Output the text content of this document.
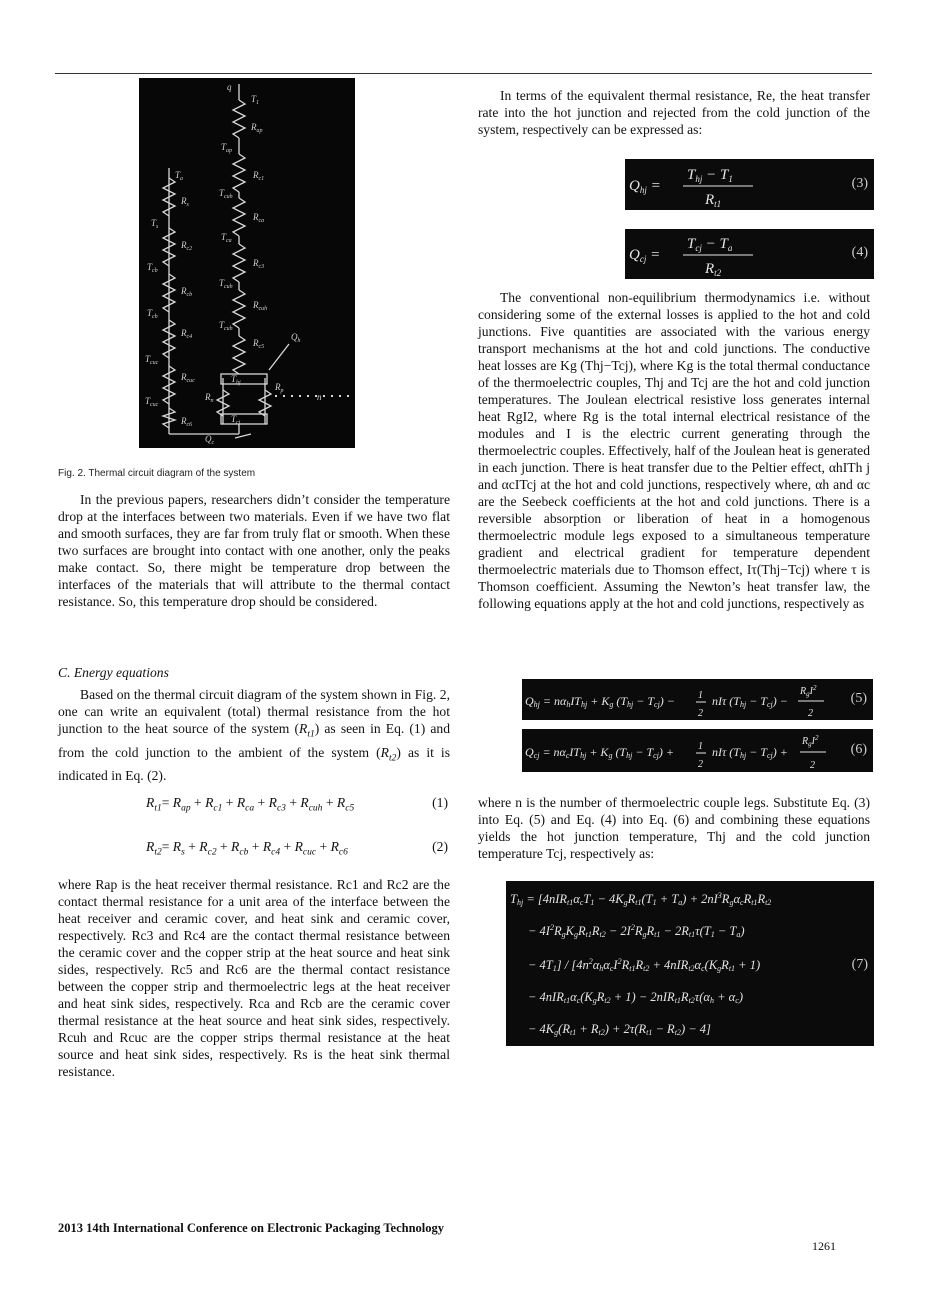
q
$T_1$
$R_{ap}$
$T_{ap}$
$R_{c1}$
$T_{cuh}$
$R_{ca}$
$T_{ca}$
$R_{c3}$
$T_{cuh}$
$R_{cuh}$
$T_{cuh}$
$R_{c5}$
$Q_h$
$T_{hj}$
$R_n$
$R_p$
n
$T_{cj}$
$Q_c$
$T_a$
$R_s$
$T_s$
$R_{c2}$
$T_{cb}$
$R_{cb}$
$T_{cb}$
$R_{c4}$
$T_{cuc}$
$R_{cuc}$
$T_{cuc}$
$R_{c6}$
Fig. 2. Thermal circuit diagram of the system

In the previous papers, researchers didn’t consider the temperature drop at the interfaces between two materials. Even if we have two flat and smooth surfaces, they are far from truly flat or smooth. When these two surfaces are brought into contact with one another, only the peaks make contact. So, there might be temperature drop between the interfaces of the materials that will attribute to the thermal contact resistance. So, this temperature drop should be considered.

C. Energy equations

Based on the thermal circuit diagram of the system shown in Fig. 2, one can write an equivalent (total) thermal resistance from the hot junction to the heat source of the system $(R_{t1})$ as seen in Eq. (1) and from the cold junction to the ambient of the system $(R_{t2})$ as it is indicated in Eq. (2).

$R_{t1}= R_{ap} + R_{c1} + R_{ca} + R_{c3} + R_{cuh} + R_{c5}$	(1)
$R_{t2}= R_s + R_{c2} + R_{cb} + R_{c4} + R_{cuc} + R_{c6}$	(2)

where Rap is the heat receiver thermal resistance. Rc1 and Rc2 are the contact thermal resistance for a unit area of the interface between the heat receiver and ceramic cover, and heat sink and ceramic cover, respectively. Rc3 and Rc4 are the contact thermal resistance between the ceramic cover and the copper strip at the heat source and heat sink sides, respectively. Rc5 and Rc6 are the thermal contact resistance between the copper strip and thermoelectric legs at the heat receiver and heat sink sides, respectively. Rca and Rcb are the ceramic cover thermal resistance at the heat source and heat sink sides, respectively. Rcuh and Rcuc are the copper strips thermal resistance at the heat source and heat sink sides, respectively. Rs is the heat sink thermal resistance.

In terms of the equivalent thermal resistance, Re, the heat transfer rate into the hot junction and rejected from the cold junction of the system, respectively can be expressed as:

$Q_{hj}$ =
$T_{hj} - T_1$
$R_{t1}$
(3)
$Q_{cj}$ =
$T_{cj} - T_a$
$R_{t2}$
(4)

The conventional non-equilibrium thermodynamics i.e. without considering some of the external losses is applied to the hot and cold junctions. Five quantities are associated with the various energy transport mechanisms at the hot and cold junctions. The conductive heat losses are Kg (Thj−Tcj), where Kg is the total thermal conductance of the thermoelectric couples, Thj and Tcj are the hot and cold junction temperatures. The Joulean electrical resistive loss generates internal heat RgI2, where Rg is the total internal electrical resistance of the modules and I is the electric current generating through the thermoelectric couples. Effectively, half of the Joulean heat is generated in each junction. There is heat transfer due to the Peltier effect, αhITh j and αcITcj at the hot and cold junctions, respectively where, αh and αc are the Seebeck coefficients at the hot and cold junctions. There is a reversible absorption or liberation of heat in a homogenous thermoelectric module legs exposed to a simultaneous temperature gradient and electrical gradient for temperature dependent thermoelectric materials due to Thomson effect, Iτ(Thj−Tcj) where τ is Thomson coefficient. Assuming the Newton’s heat transfer law, the following equations apply at the hot and cold junctions, respectively as

Qhj = nαhIThj + Kg (Thj − Tcj) − 1
2
nIτ (Thj − Tcj) −
$R_gI^2$
2
(5)
Qcj = nαcIThj + Kg (Thj − Tcj) + 1
2
nIτ (Thj − Tcj) +
$R_gI^2$
2
(6)

where n is the number of thermoelectric couple legs. Substitute Eq. (3) into Eq. (5) and Eq. (4) into Eq. (6) and combining these equations yields the hot junction temperature, Thj and the cold junction temperature Tcj, respectively as:

Thj = [4nIRt1αcT1 − 4KgRt1(T1 + $Ta) + 2nI^3Rg\alpha cRt1Rt2$
− $4I^2RgKgRt1Rt2$ − $2I^2RgRt1 - 2Rt1\tau(T1 - Ta)$
− $4T1] / [4n^2\alpha h\alpha cI^2Rt1Rt2$ + 4nIRt2αc(KgRt1 + 1)
− 4nIRt1αc(KgRt2 + 1) − 2nIRt1Rt2τ(αh + αc)
− 4Kg(Rt1 + Rt2) + 2τ(Rt1 − Rt2) − 4]
(7)
2013 14th International Conference on Electronic Packaging Technology
1261
